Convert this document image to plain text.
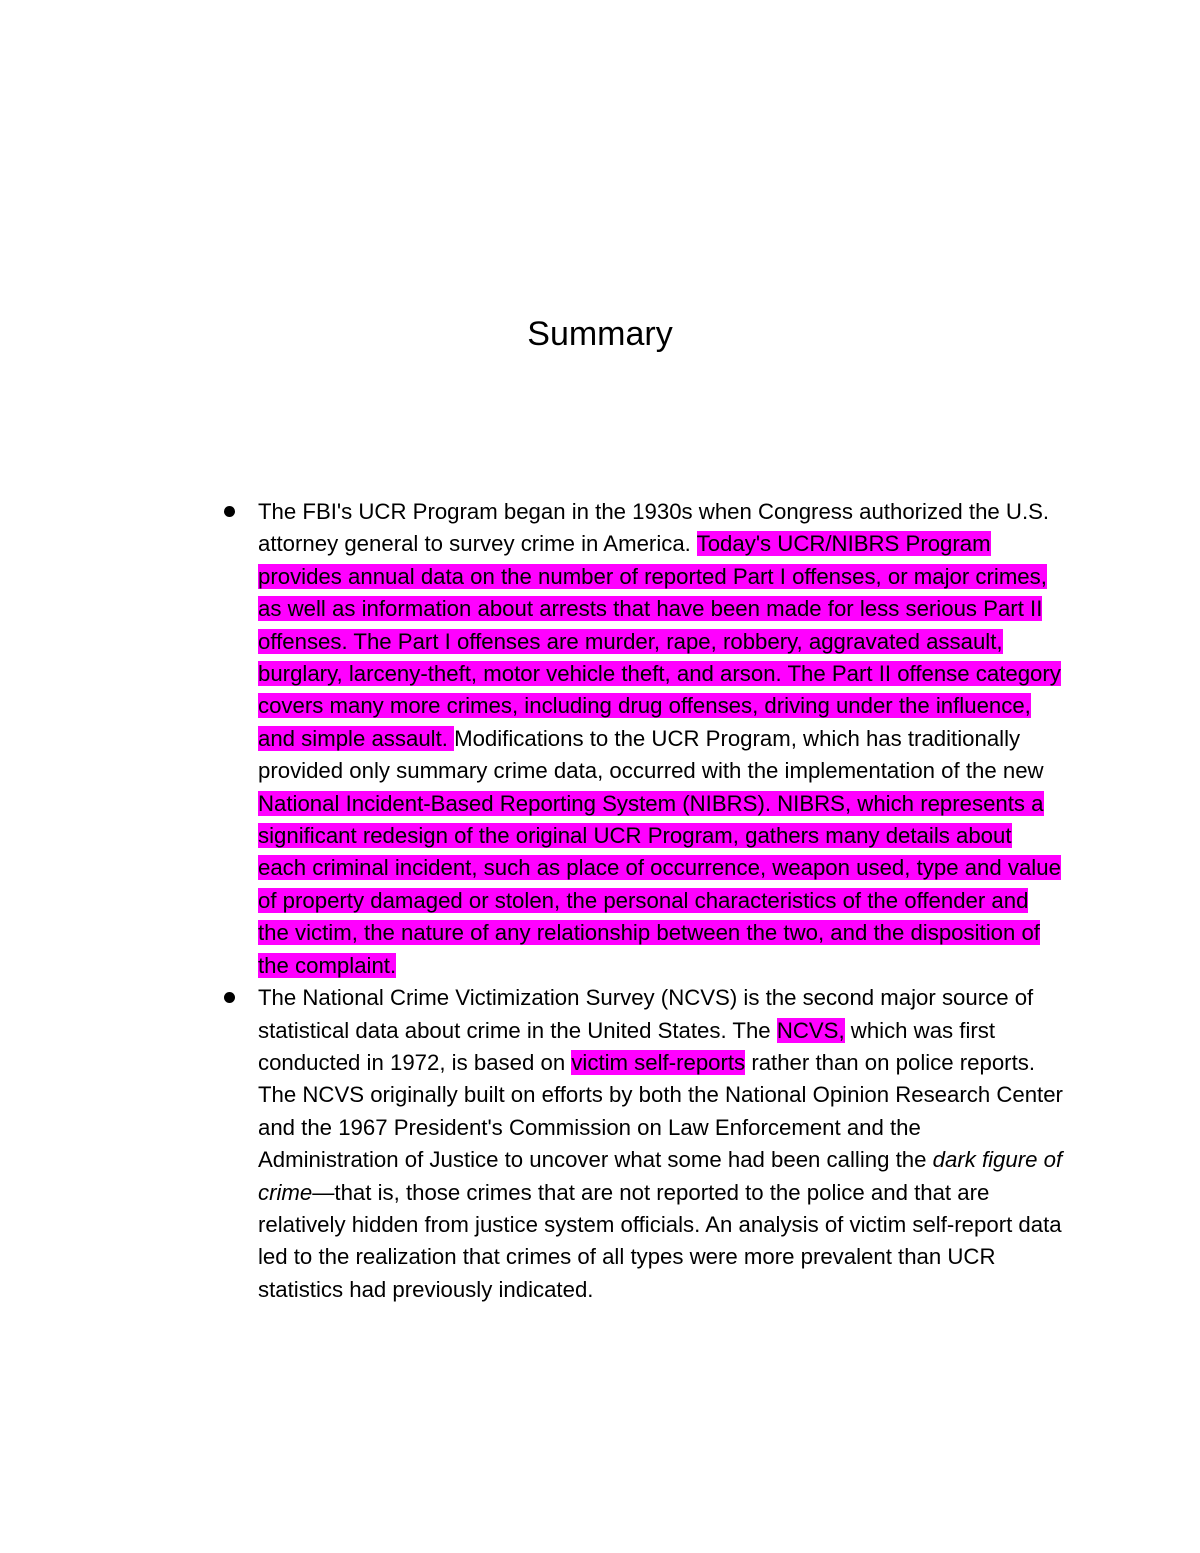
Summary
The FBI's UCR Program began in the 1930s when Congress authorized the U.S. attorney general to survey crime in America. Today's UCR/NIBRS Program provides annual data on the number of reported Part I offenses, or major crimes, as well as information about arrests that have been made for less serious Part II offenses. The Part I offenses are murder, rape, robbery, aggravated assault, burglary, larceny-theft, motor vehicle theft, and arson. The Part II offense category covers many more crimes, including drug offenses, driving under the influence, and simple assault. Modifications to the UCR Program, which has traditionally provided only summary crime data, occurred with the implementation of the new National Incident-Based Reporting System (NIBRS). NIBRS, which represents a significant redesign of the original UCR Program, gathers many details about each criminal incident, such as place of occurrence, weapon used, type and value of property damaged or stolen, the personal characteristics of the offender and the victim, the nature of any relationship between the two, and the disposition of the complaint.
The National Crime Victimization Survey (NCVS) is the second major source of statistical data about crime in the United States. The NCVS, which was first conducted in 1972, is based on victim self-reports rather than on police reports. The NCVS originally built on efforts by both the National Opinion Research Center and the 1967 President's Commission on Law Enforcement and the Administration of Justice to uncover what some had been calling the dark figure of crime—that is, those crimes that are not reported to the police and that are relatively hidden from justice system officials. An analysis of victim self-report data led to the realization that crimes of all types were more prevalent than UCR statistics had previously indicated.
